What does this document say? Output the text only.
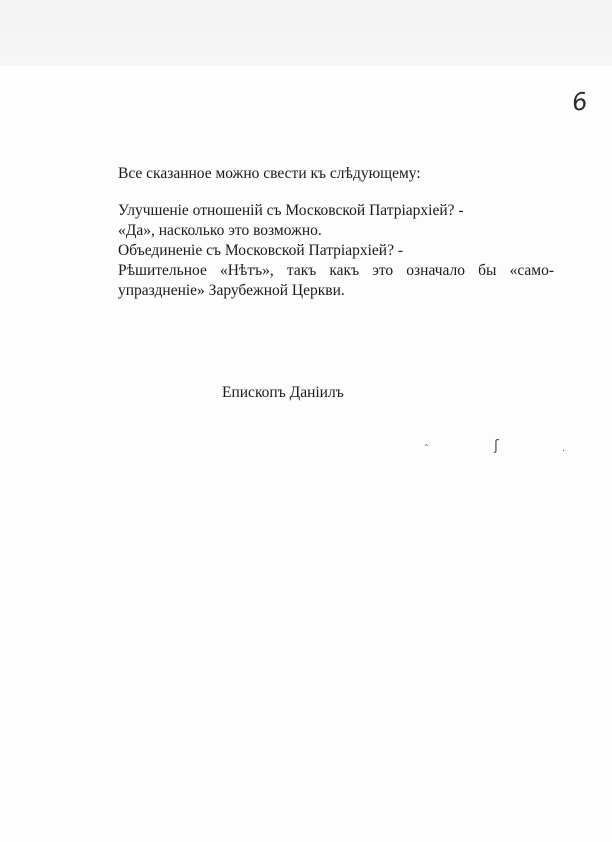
6

Все сказанное можно свести къ слѣдующему:

Улучшеніе отношеній съ Московской Патріархіей? -

«Да», насколько это возможно.

Объединеніе съ Московской Патріархіей? -

Рѣшительное «Нѣтъ», такъ какъ это означало бы «само-

упраздненіе» Зарубежной Церкви.

Епископъ Даніилъ
ˆ	ʃ	·
